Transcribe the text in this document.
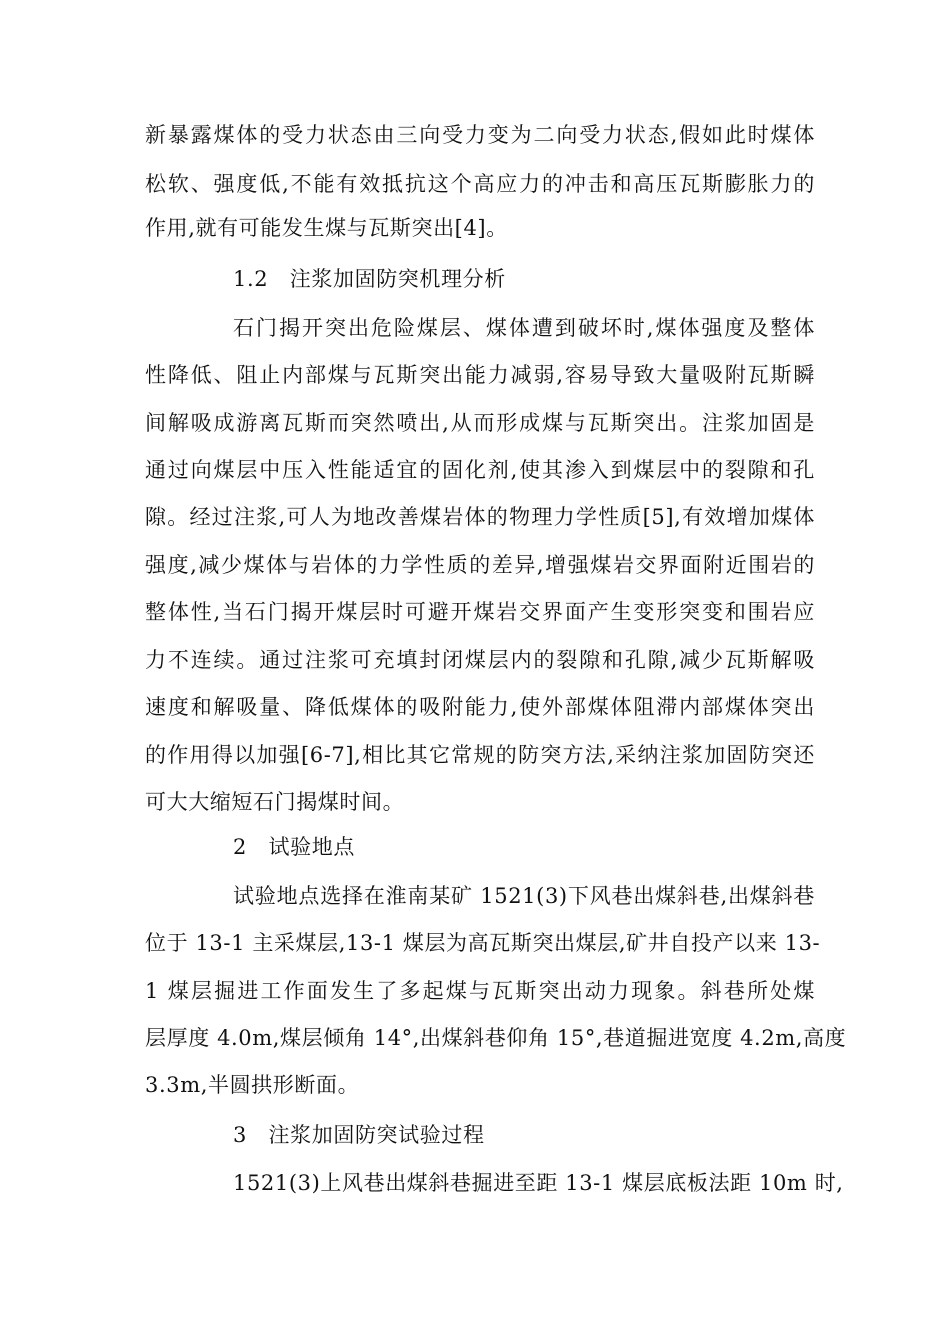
新暴露煤体的受力状态由三向受力变为二向受力状态,假如此时煤体
松软、强度低,不能有效抵抗这个高应力的冲击和高压瓦斯膨胀力的
作用,就有可能发生煤与瓦斯突出[4]。
1.2　注浆加固防突机理分析
石门揭开突出危险煤层、煤体遭到破坏时,煤体强度及整体
性降低、阻止内部煤与瓦斯突出能力减弱,容易导致大量吸附瓦斯瞬
间解吸成游离瓦斯而突然喷出,从而形成煤与瓦斯突出。注浆加固是
通过向煤层中压入性能适宜的固化剂,使其渗入到煤层中的裂隙和孔
隙。经过注浆,可人为地改善煤岩体的物理力学性质[5],有效增加煤体
强度,减少煤体与岩体的力学性质的差异,增强煤岩交界面附近围岩的
整体性,当石门揭开煤层时可避开煤岩交界面产生变形突变和围岩应
力不连续。通过注浆可充填封闭煤层内的裂隙和孔隙,减少瓦斯解吸
速度和解吸量、降低煤体的吸附能力,使外部煤体阻滞内部煤体突出
的作用得以加强[6-7],相比其它常规的防突方法,采纳注浆加固防突还
可大大缩短石门揭煤时间。
2　试验地点
试验地点选择在淮南某矿 1521(3)下风巷出煤斜巷,出煤斜巷
位于 13-1 主采煤层,13-1 煤层为高瓦斯突出煤层,矿井自投产以来 13-
1 煤层掘进工作面发生了多起煤与瓦斯突出动力现象。斜巷所处煤
层厚度 4.0m,煤层倾角 14°,出煤斜巷仰角 15°,巷道掘进宽度 4.2m,高度
3.3m,半圆拱形断面。
3　注浆加固防突试验过程
1521(3)上风巷出煤斜巷掘进至距 13-1 煤层底板法距 10m 时,
